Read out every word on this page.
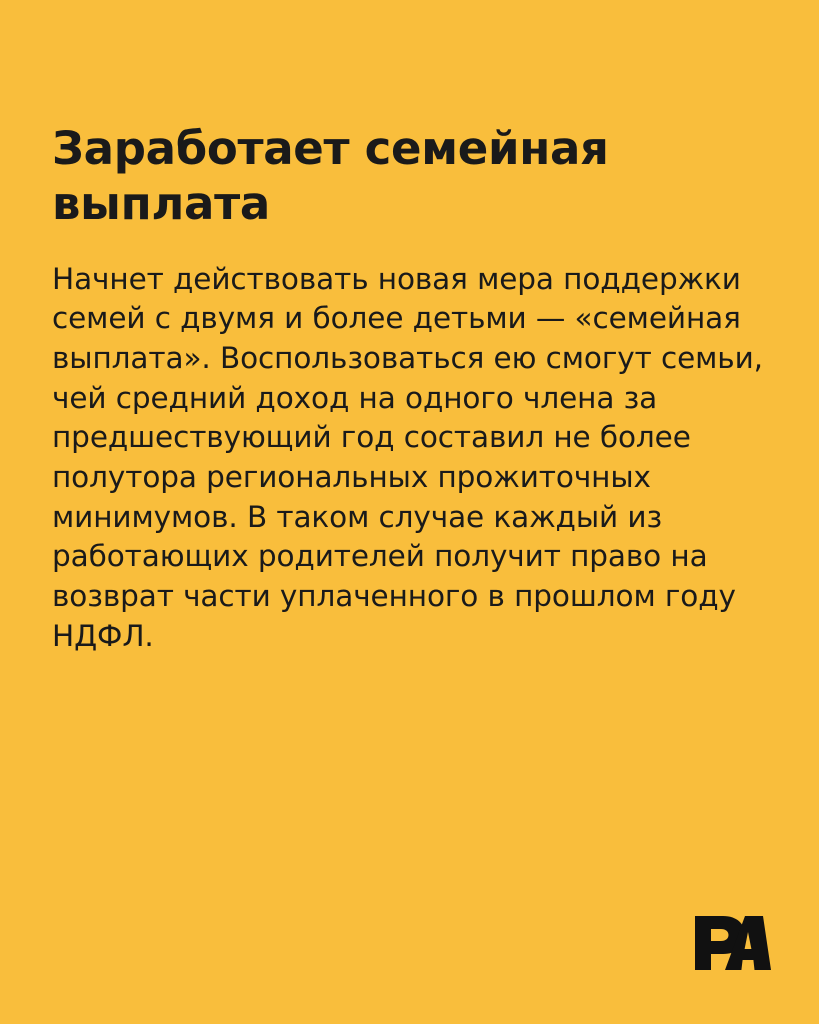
Заработает семейная выплата

Начнет действовать новая мера поддержки семей с двумя и более детьми — «семейная выплата». Воспользоваться ею смогут семьи, чей средний доход на одного члена за предшествующий год составил не более полутора региональных прожиточных минимумов. В таком случае каждый из работающих родителей получит право на возврат части уплаченного в прошлом году НДФЛ.
